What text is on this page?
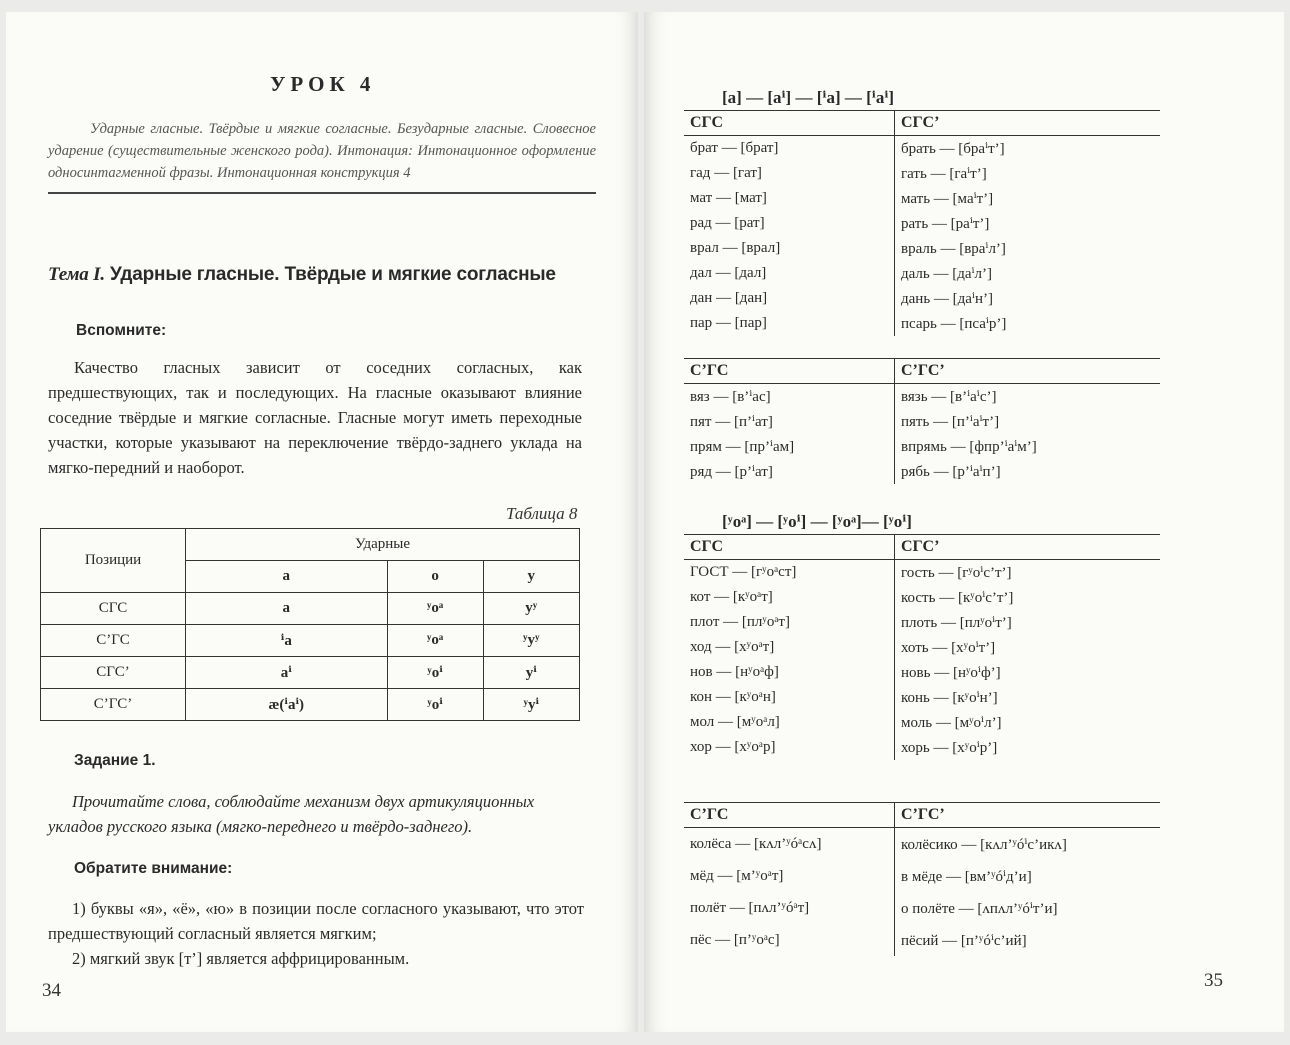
УРОК 4
Ударные гласные. Твёрдые и мягкие согласные. Безударные гласные. Словесное ударение (существительные женского рода). Интонация: Интонационное оформление односинтагменной фразы. Интонационная конструкция 4
Тема I. Ударные гласные. Твёрдые и мягкие согласные
Вспомните:
Качество гласных зависит от соседних согласных, как предшествующих, так и последующих. На гласные оказывают влияние соседние твёрдые и мягкие согласные. Гласные могут иметь переходные участки, которые указывают на переключение твёрдо-заднего уклада на мягко-передний и наоборот.
Таблица 8
Позиции	Ударные		
	а	о	у
СГС	а	ʸоᵃ	уʸ
С’ГС	ⁱа	ʸоᵃ	ʸуʸ
СГС’	аⁱ	ʸоⁱ	уⁱ
С’ГС’	æ(ⁱаⁱ)	ʸоⁱ	ʸуⁱ
Задание 1.
Прочитайте слова, соблюдайте механизм двух артикуляционных укладов русского языка (мягко-переднего и твёрдо-заднего).
Обратите внимание:
1) буквы «я», «ё», «ю» в позиции после согласного указывают, что этот предшествующий согласный является мягким;
2) мягкий звук [т’] является аффрицированным.
34
[а] — [аⁱ] — [ⁱа] — [ⁱаⁱ]
СГС	СГС’
брат — [брат]	брать — [браⁱт’]
гад — [гат]	гать — [гаⁱт’]
мат — [мат]	мать — [маⁱт’]
рад — [рат]	рать — [раⁱт’]
врал — [врал]	враль — [враⁱл’]
дал — [дал]	даль — [даⁱл’]
дан — [дан]	дань — [даⁱн’]
пар — [пар]	псарь — [псаⁱр’]
С’ГС	С’ГС’
вяз — [в’ⁱас]	вязь — [в’ⁱаⁱс’]
пят — [п’ⁱат]	пять — [п’ⁱаⁱт’]
прям — [пр’ⁱам]	впрямь — [фпр’ⁱаⁱм’]
ряд — [р’ⁱат]	рябь — [р’ⁱаⁱп’]
[ʸоᵃ] — [ʸоⁱ] — [ʸоᵃ]— [ʸоⁱ]
СГС	СГС’
ГОСТ — [гʸоᵃст]	гость — [гʸоⁱс’т’]
кот — [кʸоᵃт]	кость — [кʸоⁱс’т’]
плот — [плʸоᵃт]	плоть — [плʸоⁱт’]
ход — [хʸоᵃт]	хоть — [хʸоⁱт’]
нов — [нʸоᵃф]	новь — [нʸоⁱф’]
кон — [кʸоᵃн]	конь — [кʸоⁱн’]
мол — [мʸоᵃл]	моль — [мʸоⁱл’]
хор — [хʸоᵃр]	хорь — [хʸоⁱр’]
С’ГС	С’ГС’
колёса — [кʌл’ʸóᵃсʌ]	колёсико — [кʌл’ʸóⁱс’икʌ]
мёд — [м’ʸоᵃт]	в мёде — [вм’ʸóⁱд’и]
полёт — [пʌл’ʸóᵃт]	о полёте — [ʌпʌл’ʸóⁱт’и]
пёс — [п’ʸоᵃс]	пёсий — [п’ʸóⁱс’ий]
35
